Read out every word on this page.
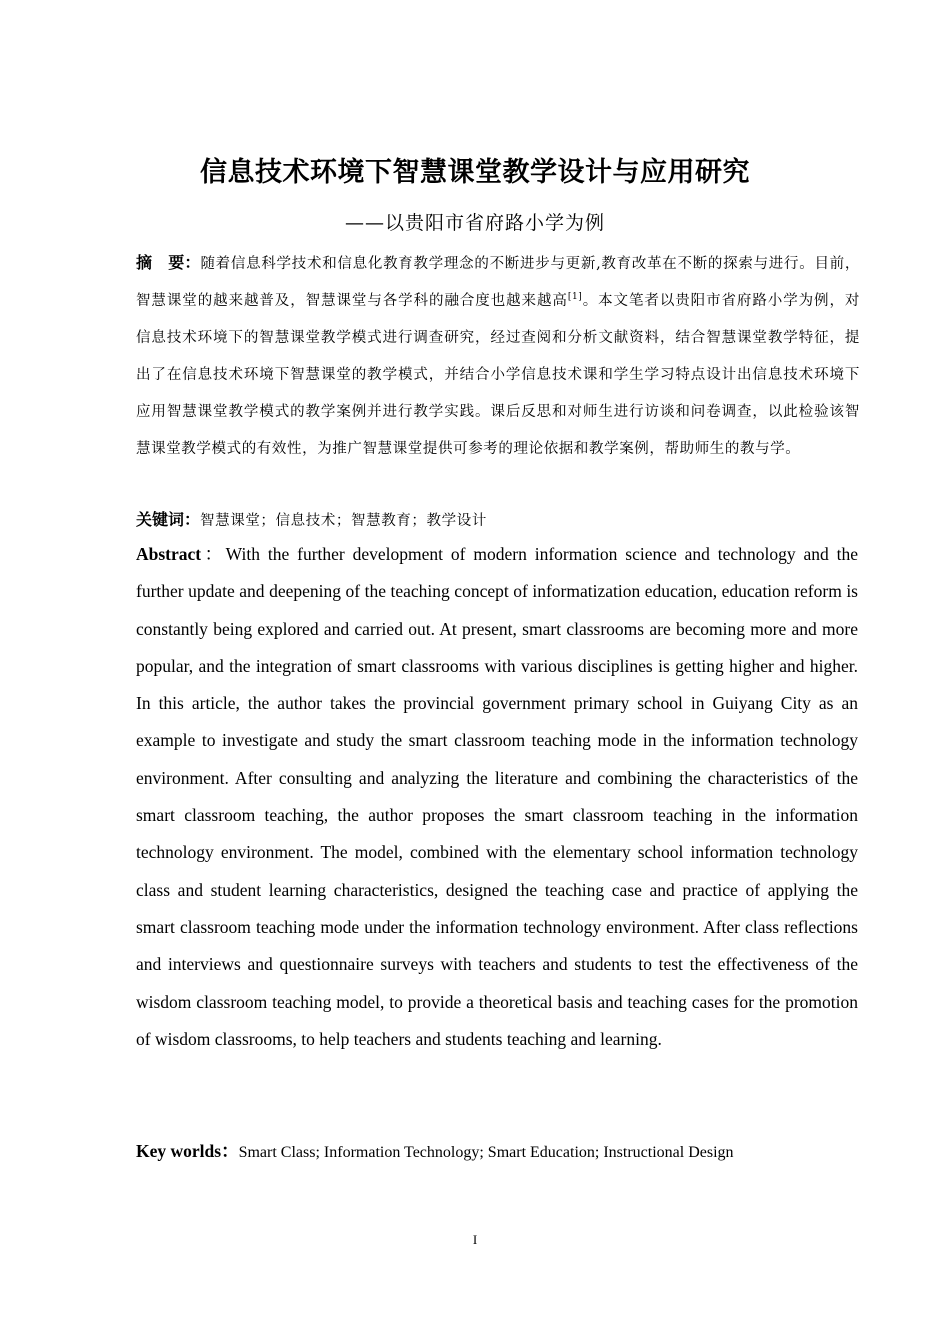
信息技术环境下智慧课堂教学设计与应用研究
——以贵阳市省府路小学为例
摘　要：随着信息科学技术和信息化教育教学理念的不断进步与更新,教育改革在不断的探索与进行。目前，智慧课堂的越来越普及，智慧课堂与各学科的融合度也越来越高[1]。本文笔者以贵阳市省府路小学为例，对信息技术环境下的智慧课堂教学模式进行调查研究，经过查阅和分析文献资料，结合智慧课堂教学特征，提出了在信息技术环境下智慧课堂的教学模式，并结合小学信息技术课和学生学习特点设计出信息技术环境下应用智慧课堂教学模式的教学案例并进行教学实践。课后反思和对师生进行访谈和问卷调查，以此检验该智慧课堂教学模式的有效性，为推广智慧课堂提供可参考的理论依据和教学案例，帮助师生的教与学。
关键词：智慧课堂；信息技术；智慧教育；教学设计
Abstract：With the further development of modern information science and technology and the further update and deepening of the teaching concept of informatization education, education reform is constantly being explored and carried out. At present, smart classrooms are becoming more and more popular, and the integration of smart classrooms with various disciplines is getting higher and higher. In this article, the author takes the provincial government primary school in Guiyang City as an example to investigate and study the smart classroom teaching mode in the information technology environment. After consulting and analyzing the literature and combining the characteristics of the smart classroom teaching, the author proposes the smart classroom teaching in the information technology environment. The model, combined with the elementary school information technology class and student learning characteristics, designed the teaching case and practice of applying the smart classroom teaching mode under the information technology environment. After class reflections and interviews and questionnaire surveys with teachers and students to test the effectiveness of the wisdom classroom teaching model, to provide a theoretical basis and teaching cases for the promotion of wisdom classrooms, to help teachers and students teaching and learning.
Key worlds：Smart Class; Information Technology; Smart Education; Instructional Design
I
